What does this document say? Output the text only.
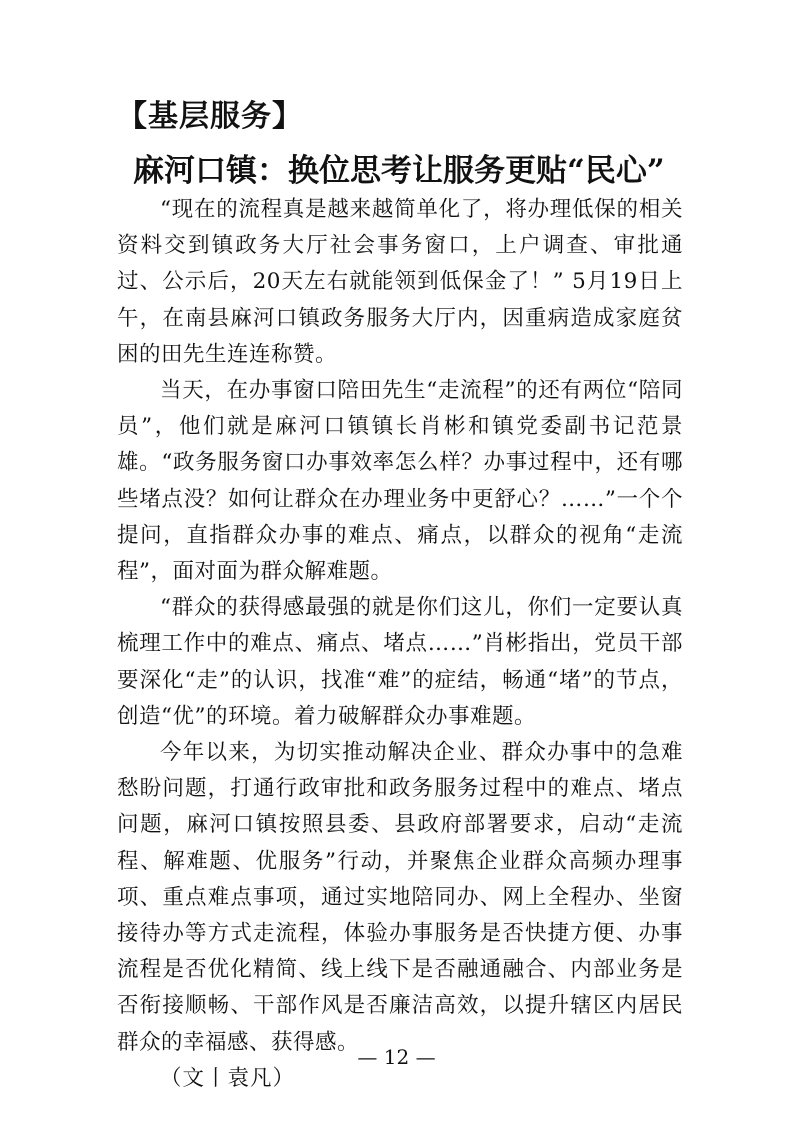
【基层服务】
麻河口镇：换位思考让服务更贴“民心”

“现在的流程真是越来越简单化了，将办理低保的相关资料交到镇政务大厅社会事务窗口，上户调查、审批通过、公示后，20天左右就能领到低保金了！” 5月19日上午，在南县麻河口镇政务服务大厅内，因重病造成家庭贫困的田先生连连称赞。

当天，在办事窗口陪田先生“走流程”的还有两位“陪同员”，他们就是麻河口镇镇长肖彬和镇党委副书记范景雄。“政务服务窗口办事效率怎么样？办事过程中，还有哪些堵点没？如何让群众在办理业务中更舒心？……”一个个提问，直指群众办事的难点、痛点，以群众的视角“走流程”，面对面为群众解难题。

“群众的获得感最强的就是你们这儿，你们一定要认真梳理工作中的难点、痛点、堵点……”肖彬指出，党员干部要深化“走”的认识，找准“难”的症结，畅通“堵”的节点，创造“优”的环境。着力破解群众办事难题。

今年以来，为切实推动解决企业、群众办事中的急难愁盼问题，打通行政审批和政务服务过程中的难点、堵点问题，麻河口镇按照县委、县政府部署要求，启动“走流程、解难题、优服务”行动，并聚焦企业群众高频办理事项、重点难点事项，通过实地陪同办、网上全程办、坐窗接待办等方式走流程，体验办事服务是否快捷方便、办事流程是否优化精简、线上线下是否融通融合、内部业务是否衔接顺畅、干部作风是否廉洁高效，以提升辖区内居民群众的幸福感、获得感。

（文丨袁凡）

— 12 —
